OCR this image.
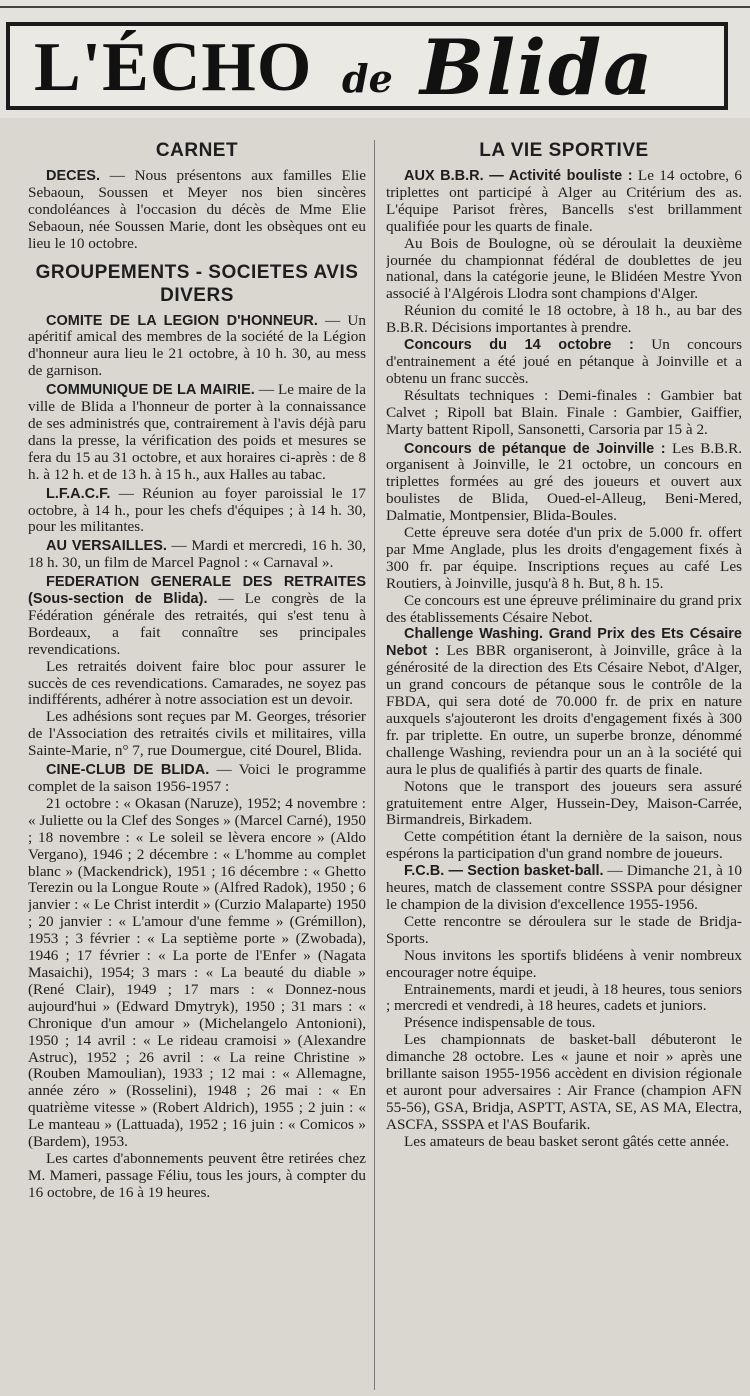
L'ÉCHO de Blida
CARNET

DECES. — Nous présentons aux familles Elie Sebaoun, Soussen et Meyer nos bien sincères condoléances à l'occasion du décès de Mme Elie Sebaoun, née Soussen Marie, dont les obsèques ont eu lieu le 10 octobre.

GROUPEMENTS - SOCIETES AVIS DIVERS

COMITE DE LA LEGION D'HONNEUR. — Un apéritif amical des membres de la société de la Légion d'honneur aura lieu le 21 octobre, à 10 h. 30, au mess de garnison.

COMMUNIQUE DE LA MAIRIE. — Le maire de la ville de Blida a l'honneur de porter à la connaissance de ses administrés que, contrairement à l'avis déjà paru dans la presse, la vérification des poids et mesures se fera du 15 au 31 octobre, et aux horaires ci-après : de 8 h. à 12 h. et de 13 h. à 15 h., aux Halles au tabac.

L.F.A.C.F. — Réunion au foyer paroissial le 17 octobre, à 14 h., pour les chefs d'équipes ; à 14 h. 30, pour les militantes.

AU VERSAILLES. — Mardi et mercredi, 16 h. 30, 18 h. 30, un film de Marcel Pagnol : « Carnaval ».

FEDERATION GENERALE DES RETRAITES (Sous-section de Blida). — Le congrès de la Fédération générale des retraités, qui s'est tenu à Bordeaux, a fait connaître ses principales revendications.

Les retraités doivent faire bloc pour assurer le succès de ces revendications. Camarades, ne soyez pas indifférents, adhérer à notre association est un devoir.

Les adhésions sont reçues par M. Georges, trésorier de l'Association des retraités civils et militaires, villa Sainte-Marie, n° 7, rue Doumergue, cité Dourel, Blida.

CINE-CLUB DE BLIDA. — Voici le programme complet de la saison 1956-1957 :

21 octobre : « Okasan (Naruze), 1952; 4 novembre : « Juliette ou la Clef des Songes » (Marcel Carné), 1950 ; 18 novembre : « Le soleil se lèvera encore » (Aldo Vergano), 1946 ; 2 décembre : « L'homme au complet blanc » (Mackendrick), 1951 ; 16 décembre : « Ghetto Terezin ou la Longue Route » (Alfred Radok), 1950 ; 6 janvier : « Le Christ interdit » (Curzio Malaparte) 1950 ; 20 janvier : « L'amour d'une femme » (Grémillon), 1953 ; 3 février : « La septième porte » (Zwobada), 1946 ; 17 février : « La porte de l'Enfer » (Nagata Masaichi), 1954; 3 mars : « La beauté du diable » (René Clair), 1949 ; 17 mars : « Donnez-nous aujourd'hui » (Edward Dmytryk), 1950 ; 31 mars : « Chronique d'un amour » (Michelangelo Antonioni), 1950 ; 14 avril : « Le rideau cramoisi » (Alexandre Astruc), 1952 ; 26 avril : « La reine Christine » (Rouben Mamoulian), 1933 ; 12 mai : « Allemagne, année zéro » (Rosselini), 1948 ; 26 mai : « En quatrième vitesse » (Robert Aldrich), 1955 ; 2 juin : « Le manteau » (Lattuada), 1952 ; 16 juin : « Comicos » (Bardem), 1953.

Les cartes d'abonnements peuvent être retirées chez M. Mameri, passage Féliu, tous les jours, à compter du 16 octobre, de 16 à 19 heures.

LA VIE SPORTIVE

AUX B.B.R. — Activité bouliste : Le 14 octobre, 6 triplettes ont participé à Alger au Critérium des as. L'équipe Parisot frères, Bancells s'est brillamment qualifiée pour les quarts de finale.

Au Bois de Boulogne, où se déroulait la deuxième journée du championnat fédéral de doublettes de jeu national, dans la catégorie jeune, le Blidéen Mestre Yvon associé à l'Algérois Llodra sont champions d'Alger.

Réunion du comité le 18 octobre, à 18 h., au bar des B.B.R. Décisions importantes à prendre.

Concours du 14 octobre : Un concours d'entrainement a été joué en pétanque à Joinville et a obtenu un franc succès.

Résultats techniques : Demi-finales : Gambier bat Calvet ; Ripoll bat Blain. Finale : Gambier, Gaiffier, Marty battent Ripoll, Sansonetti, Carsoria par 15 à 2.

Concours de pétanque de Joinville : Les B.B.R. organisent à Joinville, le 21 octobre, un concours en triplettes formées au gré des joueurs et ouvert aux boulistes de Blida, Oued-el-Alleug, Beni-Mered, Dalmatie, Montpensier, Blida-Boules.

Cette épreuve sera dotée d'un prix de 5.000 fr. offert par Mme Anglade, plus les droits d'engagement fixés à 300 fr. par équipe. Inscriptions reçues au café Les Routiers, à Joinville, jusqu'à 8 h. But, 8 h. 15.

Ce concours est une épreuve préliminaire du grand prix des établissements Césaire Nebot.

Challenge Washing. Grand Prix des Ets Césaire Nebot : Les BBR organiseront, à Joinville, grâce à la générosité de la direction des Ets Césaire Nebot, d'Alger, un grand concours de pétanque sous le contrôle de la FBDA, qui sera doté de 70.000 fr. de prix en nature auxquels s'ajouteront les droits d'engagement fixés à 300 fr. par triplette. En outre, un superbe bronze, dénommé challenge Washing, reviendra pour un an à la société qui aura le plus de qualifiés à partir des quarts de finale.

Notons que le transport des joueurs sera assuré gratuitement entre Alger, Hussein-Dey, Maison-Carrée, Birmandreis, Birkadem.

Cette compétition étant la dernière de la saison, nous espérons la participation d'un grand nombre de joueurs.

F.C.B. — Section basket-ball. — Dimanche 21, à 10 heures, match de classement contre SSSPA pour désigner le champion de la division d'excellence 1955-1956.

Cette rencontre se déroulera sur le stade de Bridja-Sports.

Nous invitons les sportifs blidéens à venir nombreux encourager notre équipe.

Entrainements, mardi et jeudi, à 18 heures, tous seniors ; mercredi et vendredi, à 18 heures, cadets et juniors.

Présence indispensable de tous.

Les championnats de basket-ball débuteront le dimanche 28 octobre. Les « jaune et noir » après une brillante saison 1955-1956 accèdent en division régionale et auront pour adversaires : Air France (champion AFN 55-56), GSA, Bridja, ASPTT, ASTA, SE, AS MA, Electra, ASCFA, SSSPA et l'AS Boufarik.

Les amateurs de beau basket seront gâtés cette année.
